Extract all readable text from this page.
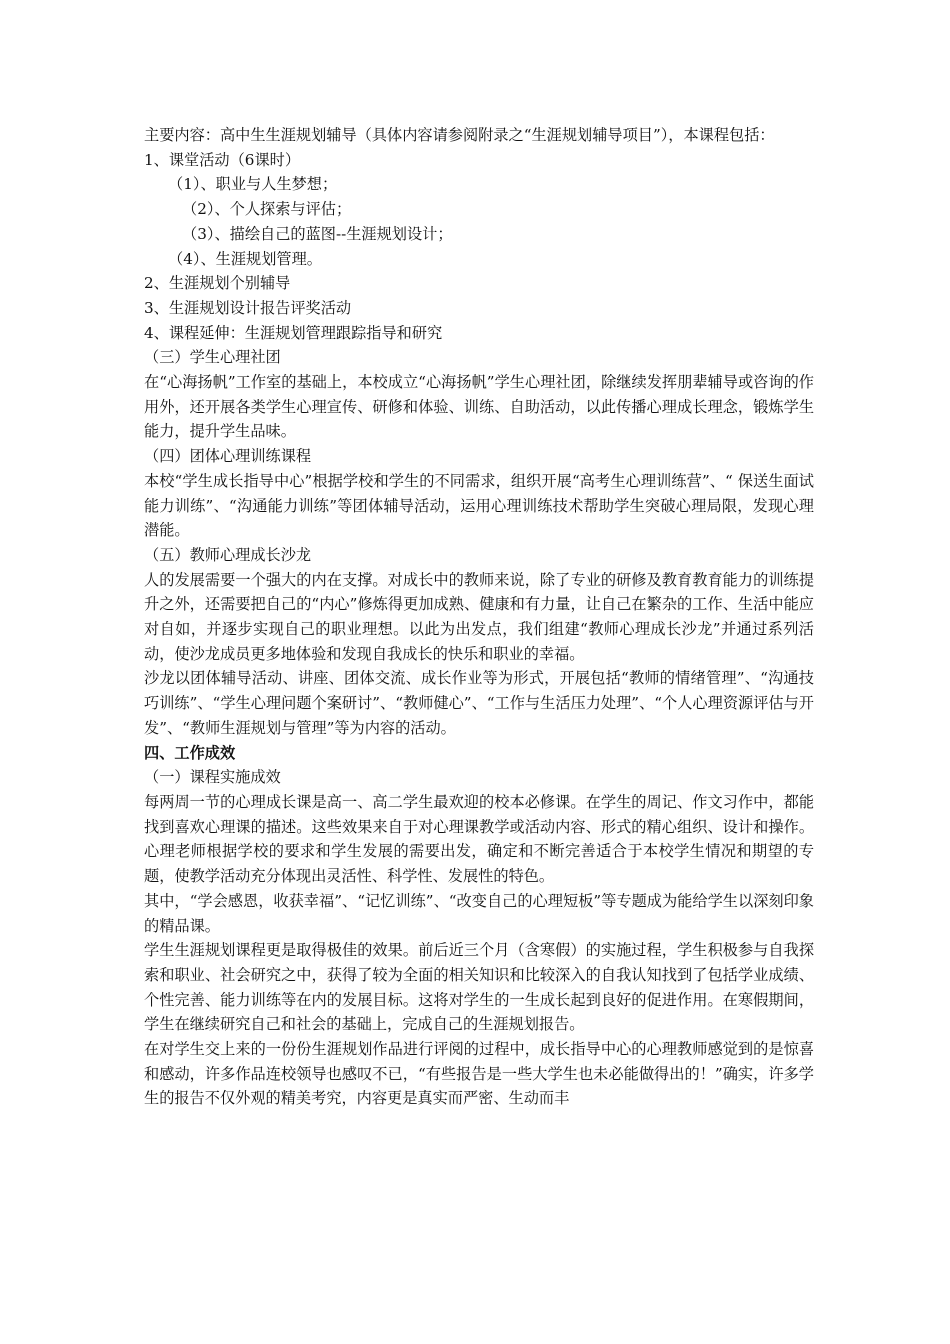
主要内容：高中生生涯规划辅导（具体内容请参阅附录之“生涯规划辅导项目”），本课程包括：

1、课堂活动（6课时）

（1）、职业与人生梦想；

（2）、个人探索与评估；

（3）、描绘自己的蓝图--生涯规划设计；

（4）、生涯规划管理。

2、生涯规划个别辅导

3、生涯规划设计报告评奖活动

4、课程延伸：生涯规划管理跟踪指导和研究

（三）学生心理社团

在“心海扬帆”工作室的基础上，本校成立“心海扬帆”学生心理社团，除继续发挥朋辈辅导或咨询的作用外，还开展各类学生心理宣传、研修和体验、训练、自助活动，以此传播心理成长理念，锻炼学生能力，提升学生品味。

（四）团体心理训练课程

本校“学生成长指导中心”根据学校和学生的不同需求，组织开展“高考生心理训练营”、“ 保送生面试能力训练”、“沟通能力训练”等团体辅导活动，运用心理训练技术帮助学生突破心理局限，发现心理潜能。

（五）教师心理成长沙龙

人的发展需要一个强大的内在支撑。对成长中的教师来说，除了专业的研修及教育教育能力的训练提升之外，还需要把自己的“内心”修炼得更加成熟、健康和有力量，让自己在繁杂的工作、生活中能应对自如，并逐步实现自己的职业理想。以此为出发点，我们组建“教师心理成长沙龙”并通过系列活动，使沙龙成员更多地体验和发现自我成长的快乐和职业的幸福。

沙龙以团体辅导活动、讲座、团体交流、成长作业等为形式，开展包括“教师的情绪管理”、“沟通技巧训练”、“学生心理问题个案研讨”、“教师健心”、“工作与生活压力处理”、“个人心理资源评估与开发”、“教师生涯规划与管理”等为内容的活动。

四、工作成效

（一）课程实施成效

每两周一节的心理成长课是高一、高二学生最欢迎的校本必修课。在学生的周记、作文习作中，都能找到喜欢心理课的描述。这些效果来自于对心理课教学或活动内容、形式的精心组织、设计和操作。心理老师根据学校的要求和学生发展的需要出发，确定和不断完善适合于本校学生情况和期望的专题，使教学活动充分体现出灵活性、科学性、发展性的特色。

其中，“学会感恩，收获幸福”、“记忆训练”、“改变自己的心理短板”等专题成为能给学生以深刻印象的精品课。

学生生涯规划课程更是取得极佳的效果。前后近三个月（含寒假）的实施过程，学生积极参与自我探索和职业、社会研究之中，获得了较为全面的相关知识和比较深入的自我认知找到了包括学业成绩、个性完善、能力训练等在内的发展目标。这将对学生的一生成长起到良好的促进作用。在寒假期间，学生在继续研究自己和社会的基础上，完成自己的生涯规划报告。

在对学生交上来的一份份生涯规划作品进行评阅的过程中，成长指导中心的心理教师感觉到的是惊喜和感动，许多作品连校领导也感叹不已，“有些报告是一些大学生也未必能做得出的！”确实，许多学生的报告不仅外观的精美考究，内容更是真实而严密、生动而丰
